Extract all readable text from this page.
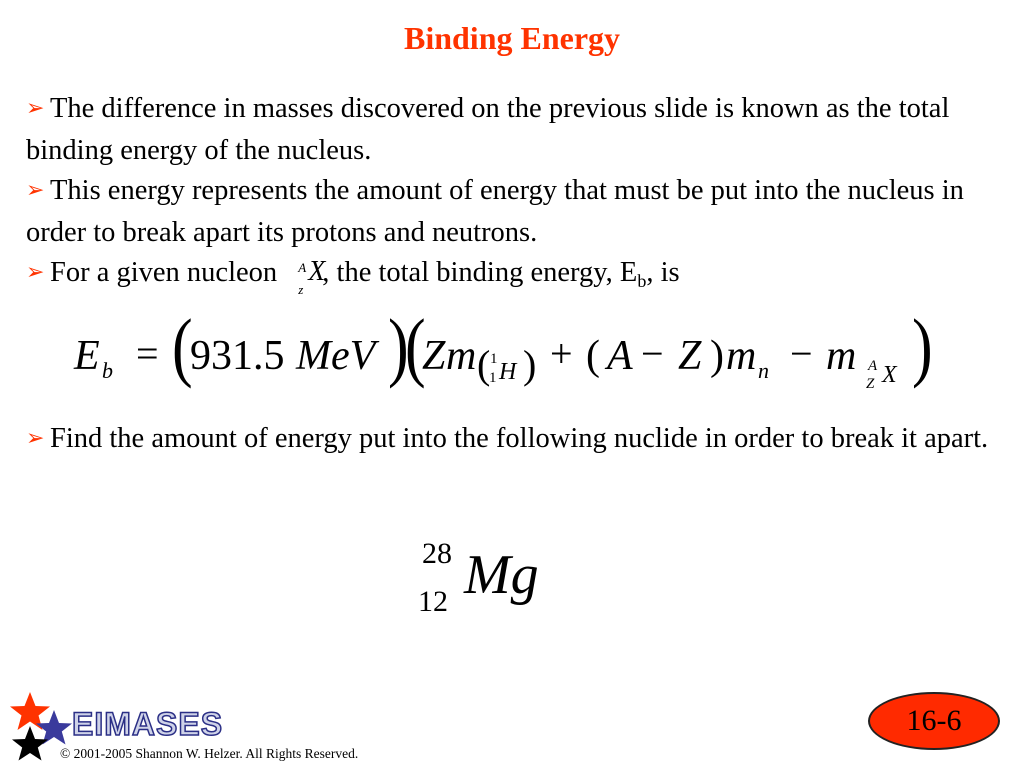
Binding Energy
➢ The difference in masses discovered on the previous slide is known as the total binding energy of the nucleus.
➢ This energy represents the amount of energy that must be put into the nucleus in order to break apart its protons and neutrons.
➢ For a given nucleon A
z
X
, the total binding energy, $E_b$, is
E b = (
931.5 MeV )
(
Z m ( 1
1 H ) + ( A − Z ) m n − m A
Z X )
➢ Find the amount of energy put into the following nuclide in order to break it apart.
28
12 Mg
EIMASES
© 2001-2005 Shannon W. Helzer. All Rights Reserved.
16-6
